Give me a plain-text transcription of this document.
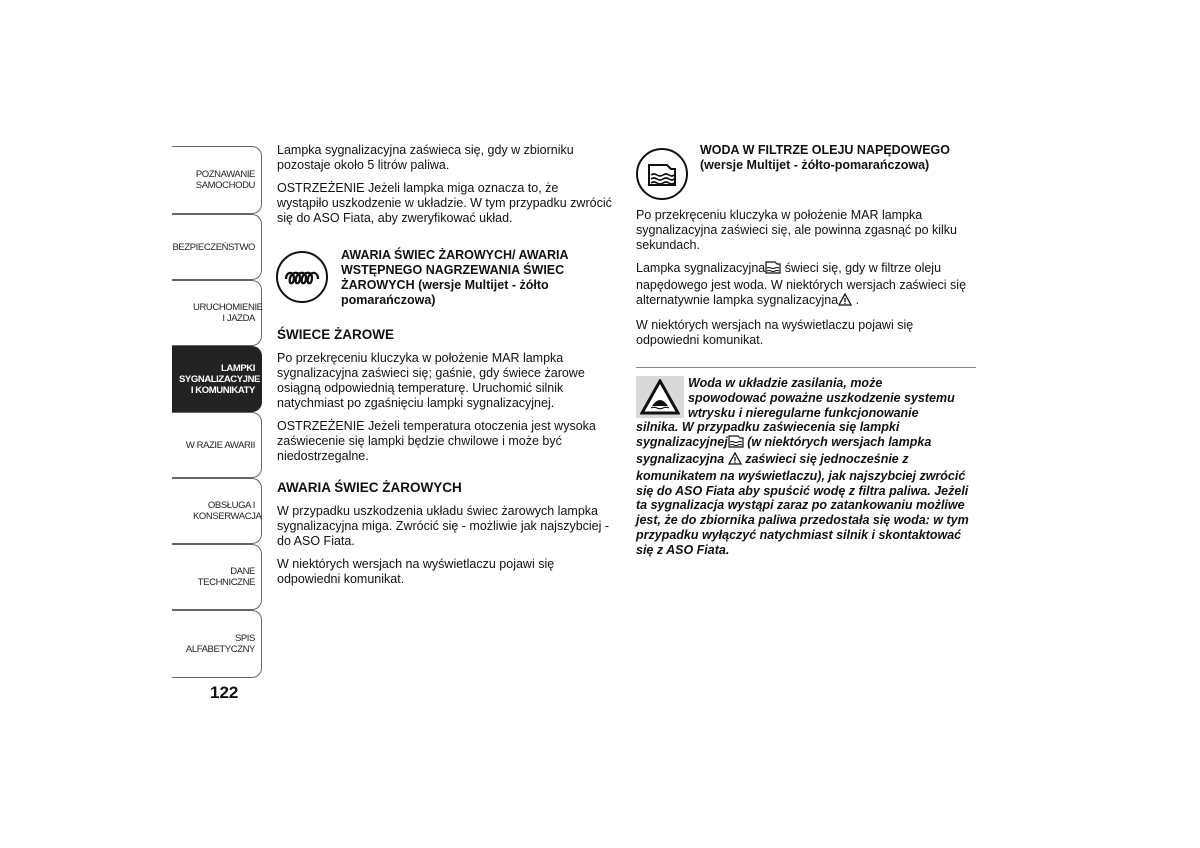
POZNAWANIE SAMOCHODU
BEZPIECZEŃSTWO
URUCHOMIENIE I JAZDA
LAMPKI SYGNALIZACYJNE I KOMUNIKATY
W RAZIE AWARII
OBSŁUGA I KONSERWACJA
DANE TECHNICZNE
SPIS ALFABETYCZNY
122

Lampka sygnalizacyjna zaświeca się, gdy w zbiorniku pozostaje około 5 litrów paliwa.

OSTRZEŻENIE Jeżeli lampka miga oznacza to, że wystąpiło uszkodzenie w układzie. W tym przypadku zwrócić się do ASO Fiata, aby zweryfikować układ.

AWARIA ŚWIEC ŻAROWYCH/ AWARIA WSTĘPNEGO NAGRZEWANIA ŚWIEC ŻAROWYCH (wersje Multijet - żółto pomarańczowa)

ŚWIECE ŻAROWE

Po przekręceniu kluczyka w położenie MAR lampka sygnalizacyjna zaświeci się; gaśnie, gdy świece żarowe osiągną odpowiednią temperaturę. Uruchomić silnik natychmiast po zgaśnięciu lampki sygnalizacyjnej.

OSTRZEŻENIE Jeżeli temperatura otoczenia jest wysoka zaświecenie się lampki będzie chwilowe i może być niedostrzegalne.

AWARIA ŚWIEC ŻAROWYCH

W przypadku uszkodzenia układu świec żarowych lampka sygnalizacyjna miga. Zwrócić się - możliwie jak najszybciej - do ASO Fiata.

W niektórych wersjach na wyświetlaczu pojawi się odpowiedni komunikat.

WODA W FILTRZE OLEJU NAPĘDOWEGO (wersje Multijet - żółto-pomarańczowa)

Po przekręceniu kluczyka w położenie MAR lampka sygnalizacyjna zaświeci się, ale powinna zgasnąć po kilku sekundach.

Lampka sygnalizacyjna świeci się, gdy w filtrze oleju napędowego jest woda. W niektórych wersjach zaświeci się alternatywnie lampka sygnalizacyjna .

W niektórych wersjach na wyświetlaczu pojawi się odpowiedni komunikat.

Woda w układzie zasilania, może
spowodować poważne uszkodzenie systemu
wtrysku i nieregularne funkcjonowanie
silnika. W przypadku zaświecenia się lampki
sygnalizacyjnej (w niektórych wersjach lampka
sygnalizacyjna  zaświeci się jednocześnie z
komunikatem na wyświetlaczu), jak najszybciej zwrócić się do ASO Fiata aby spuścić wodę z filtra paliwa. Jeżeli ta sygnalizacja wystąpi zaraz po zatankowaniu możliwe jest, że do zbiornika paliwa przedostała się woda: w tym przypadku wyłączyć natychmiast silnik i skontaktować się z ASO Fiata.
